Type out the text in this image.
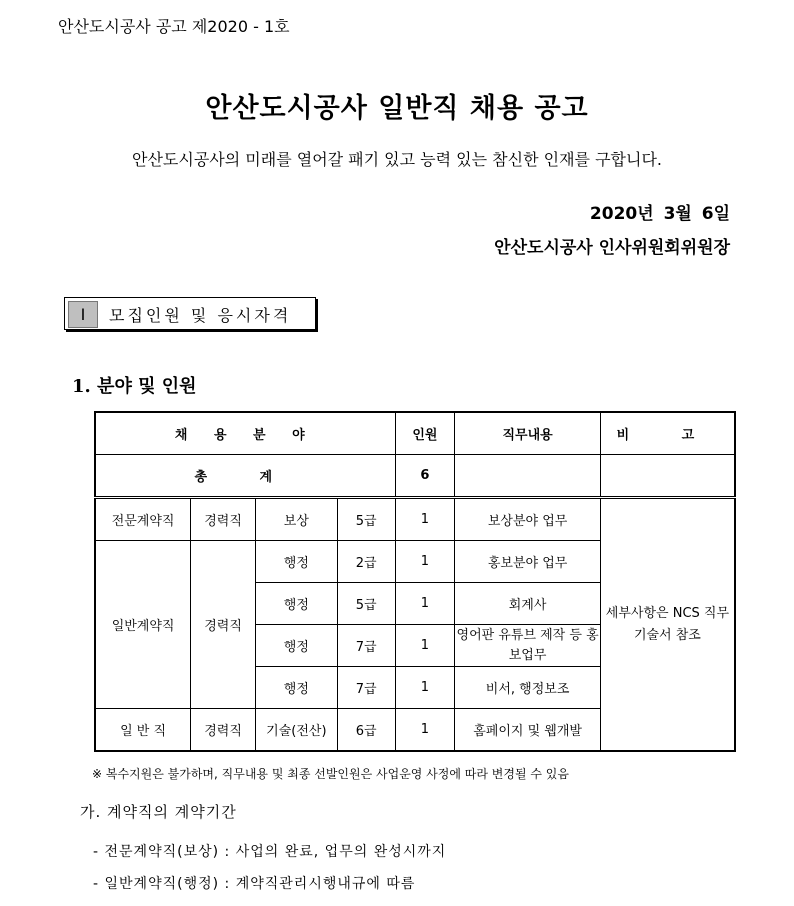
안산도시공사 공고 제2020 - 1호
안산도시공사 일반직 채용 공고
안산도시공사의 미래를 열어갈 패기 있고 능력 있는 참신한 인재를 구합니다.
2020년 3월 6일
안산도시공사 인사위원회위원장
I	모집인원 및 응시자격
1. 분야 및 인원
채 용 분 야				인원	직무내용	비 고
총 계				6		
전문계약직	경력직	보상	5급	1	보상분야 업무	세부사항은 NCS 직무기술서 참조
일반계약직	경력직	행정	2급	1	홍보분야 업무	
		행정	5급	1	회계사	
		행정	7급	1	영어판 유튜브 제작 등 홍보업무	
		행정	7급	1	비서, 행정보조	
일 반 직	경력직	기술(전산)	6급	1	홈페이지 및 웹개발	
※ 복수지원은 불가하며, 직무내용 및 최종 선발인원은 사업운영 사정에 따라 변경될 수 있음
가. 계약직의 계약기간
- 전문계약직(보상) : 사업의 완료, 업무의 완성시까지
- 일반계약직(행정) : 계약직관리시행내규에 따름
